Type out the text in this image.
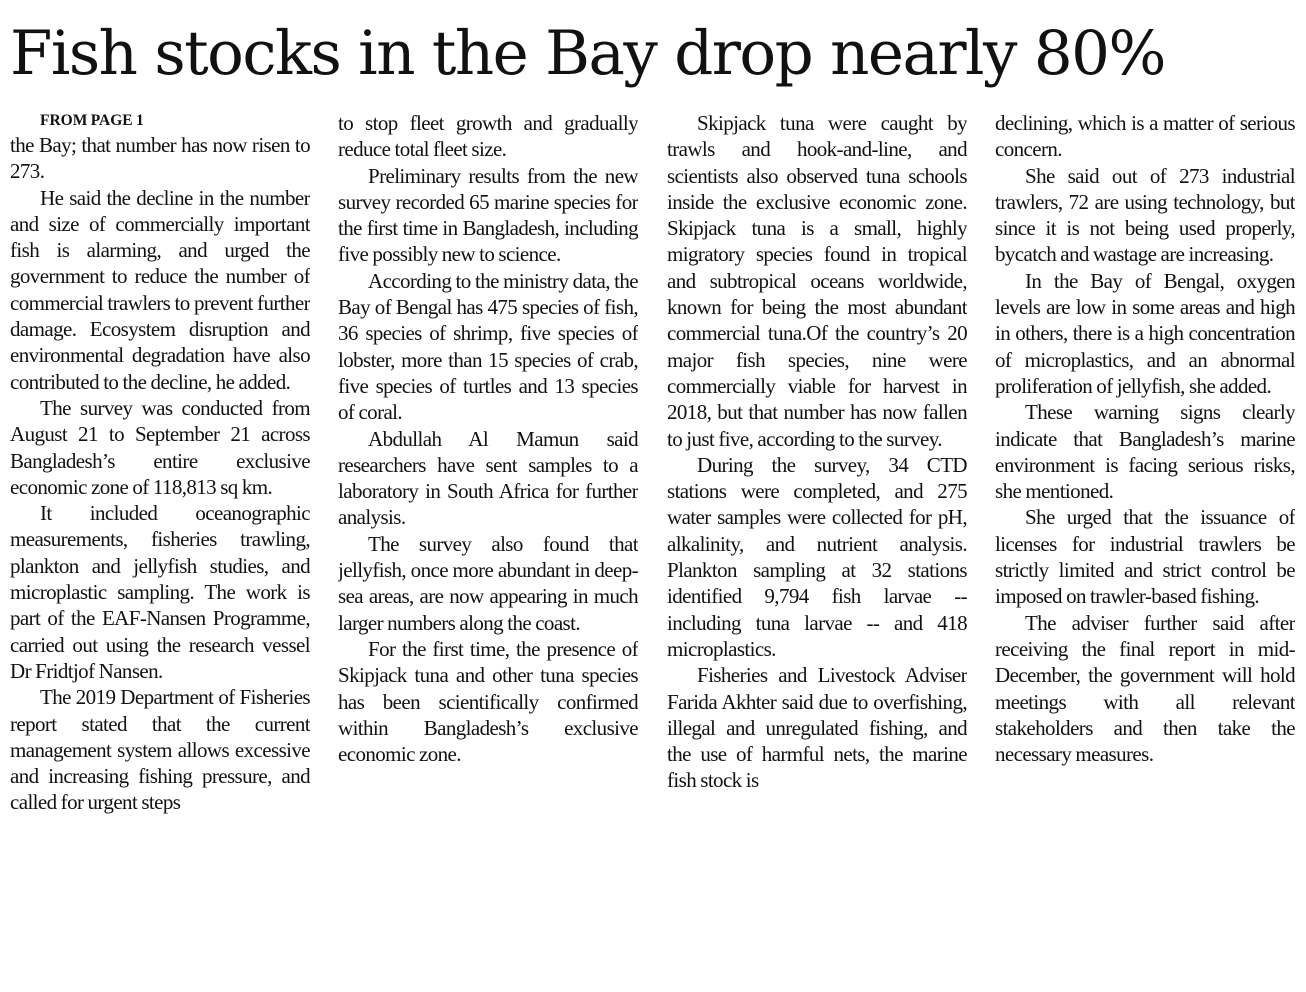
Fish stocks in the Bay drop nearly 80%

FROM PAGE 1

the Bay; that number has now risen to 273.

He said the decline in the number and size of commercially important fish is alarming, and urged the government to reduce the number of commercial trawlers to prevent further damage. Ecosystem disruption and environmental degradation have also contributed to the decline, he added.

The survey was conducted from August 21 to September 21 across Bangladesh’s entire exclusive economic zone of 118,813 sq km.

It included oceanographic measurements, fisheries trawling, plankton and jellyfish studies, and microplastic sampling. The work is part of the EAF-Nansen Programme, carried out using the research vessel Dr Fridtjof Nansen.

The 2019 Department of Fisheries report stated that the current management system allows excessive and increasing fishing pressure, and called for urgent steps

to stop fleet growth and gradually reduce total fleet size.

Preliminary results from the new survey recorded 65 marine species for the first time in Bangladesh, including five possibly new to science.

According to the ministry data, the Bay of Bengal has 475 species of fish, 36 species of shrimp, five species of lobster, more than 15 species of crab, five species of turtles and 13 species of coral.

Abdullah Al Mamun said researchers have sent samples to a laboratory in South Africa for further analysis.

The survey also found that jellyfish, once more abundant in deep-sea areas, are now appearing in much larger numbers along the coast.

For the first time, the presence of Skipjack tuna and other tuna species has been scientifically confirmed within Bangladesh’s exclusive economic zone.

Skipjack tuna were caught by trawls and hook-and-line, and scientists also observed tuna schools inside the exclusive economic zone. Skipjack tuna is a small, highly migratory species found in tropical and subtropical oceans worldwide, known for being the most abundant commercial tuna.Of the country’s 20 major fish species, nine were commercially viable for harvest in 2018, but that number has now fallen to just five, according to the survey.

During the survey, 34 CTD stations were completed, and 275 water samples were collected for pH, alkalinity, and nutrient analysis. Plankton sampling at 32 stations identified 9,794 fish larvae -- including tuna larvae -- and 418 microplastics.

Fisheries and Livestock Adviser Farida Akhter said due to overfishing, illegal and unregulated fishing, and the use of harmful nets, the marine fish stock is

declining, which is a matter of serious concern.

She said out of 273 industrial trawlers, 72 are using technology, but since it is not being used properly, bycatch and wastage are increasing.

In the Bay of Bengal, oxygen levels are low in some areas and high in others, there is a high concentration of microplastics, and an abnormal proliferation of jellyfish, she added.

These warning signs clearly indicate that Bangladesh’s marine environment is facing serious risks, she mentioned.

She urged that the issuance of licenses for industrial trawlers be strictly limited and strict control be imposed on trawler-based fishing.

The adviser further said after receiving the final report in mid-December, the government will hold meetings with all relevant stakeholders and then take the necessary measures.
